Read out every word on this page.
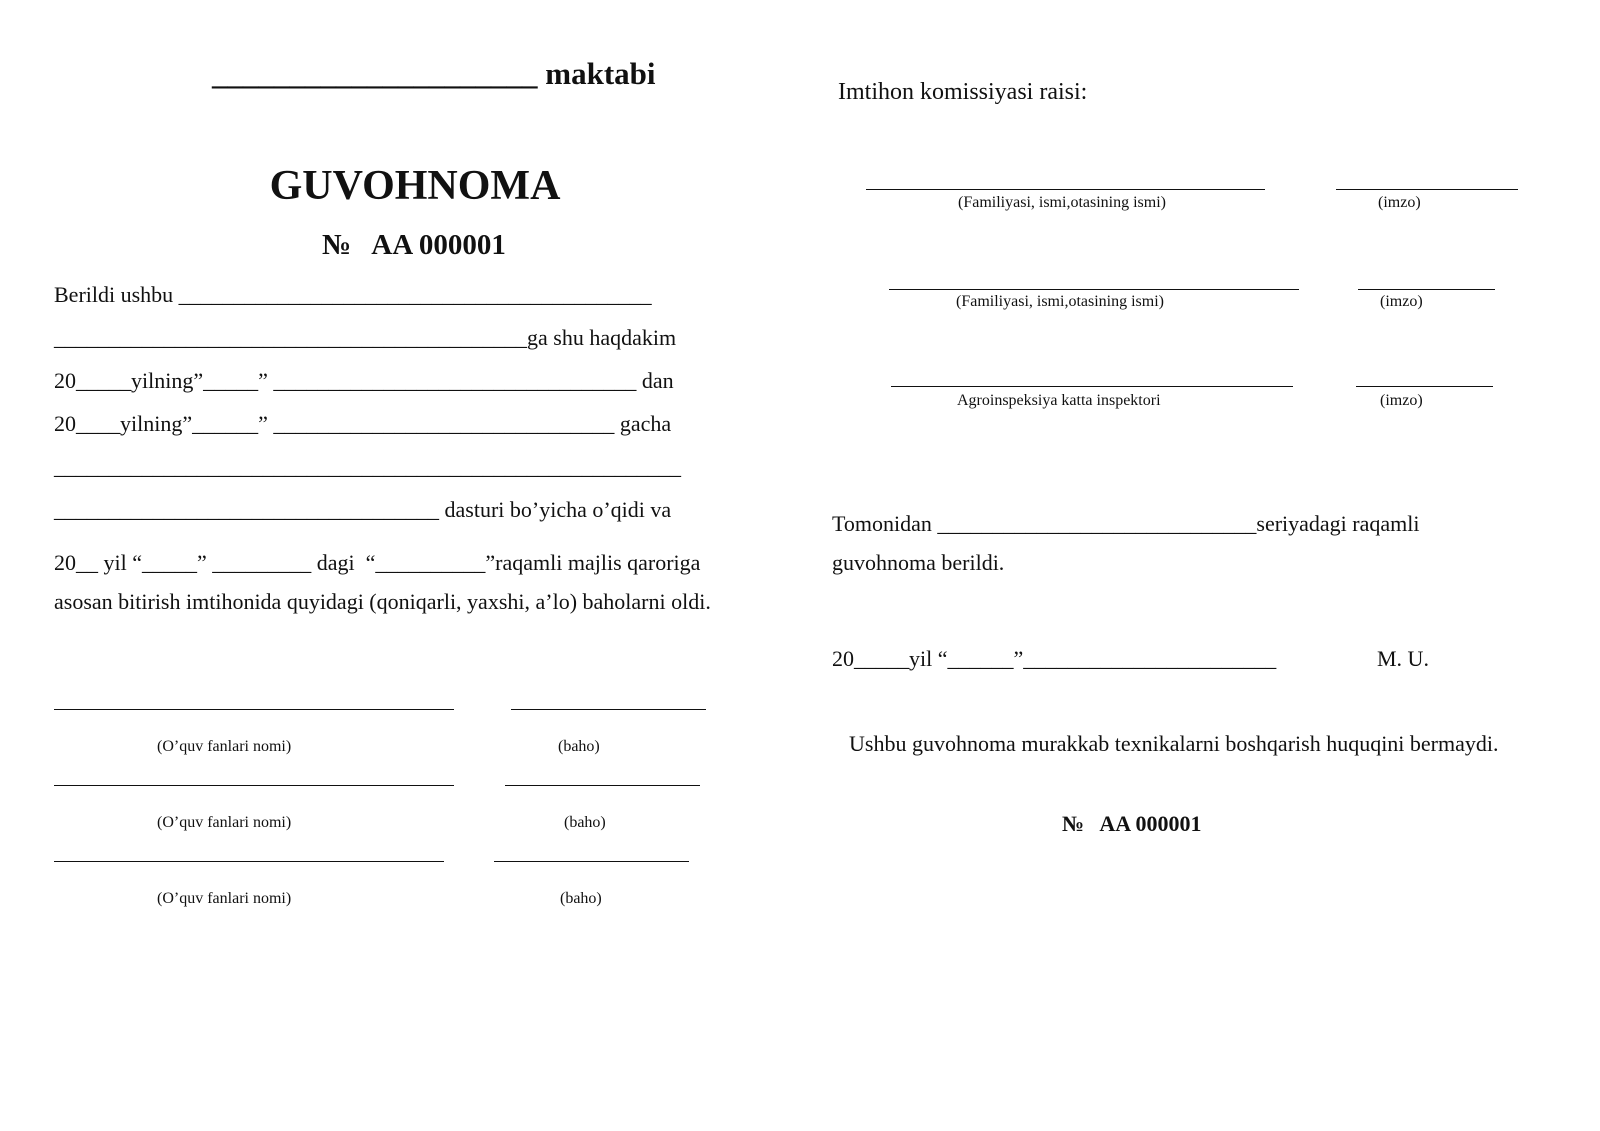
_____________________ maktabi
GUVOHNOMA
№   AA 000001
Berildi ushbu ___________________________________________
___________________________________________ga shu haqdakim
20_____yilning”_____” _________________________________ dan
20____yilning”______” _______________________________ gacha
_________________________________________________________
___________________________________ dasturi bo’yicha o’qidi va
20__ yil “_____” _________ dagi  “__________”raqamli majlis qaroriga
asosan bitirish imtihonida quyidagi (qoniqarli, yaxshi, a’lo) baholarni oldi.
(O’quv fanlari nomi)	(baho)
(O’quv fanlari nomi)	(baho)
(O’quv fanlari nomi)	(baho)
Imtihon komissiyasi raisi:
(Familiyasi, ismi,otasining ismi)	(imzo)
(Familiyasi, ismi,otasining ismi)	(imzo)
Agroinspeksiya katta inspektori	(imzo)
Tomonidan _____________________________seriyadagi raqamli
guvohnoma berildi.
20_____yil “______”_______________________	M. U.
Ushbu guvohnoma murakkab texnikalarni boshqarish huquqini bermaydi.
№   AA 000001
